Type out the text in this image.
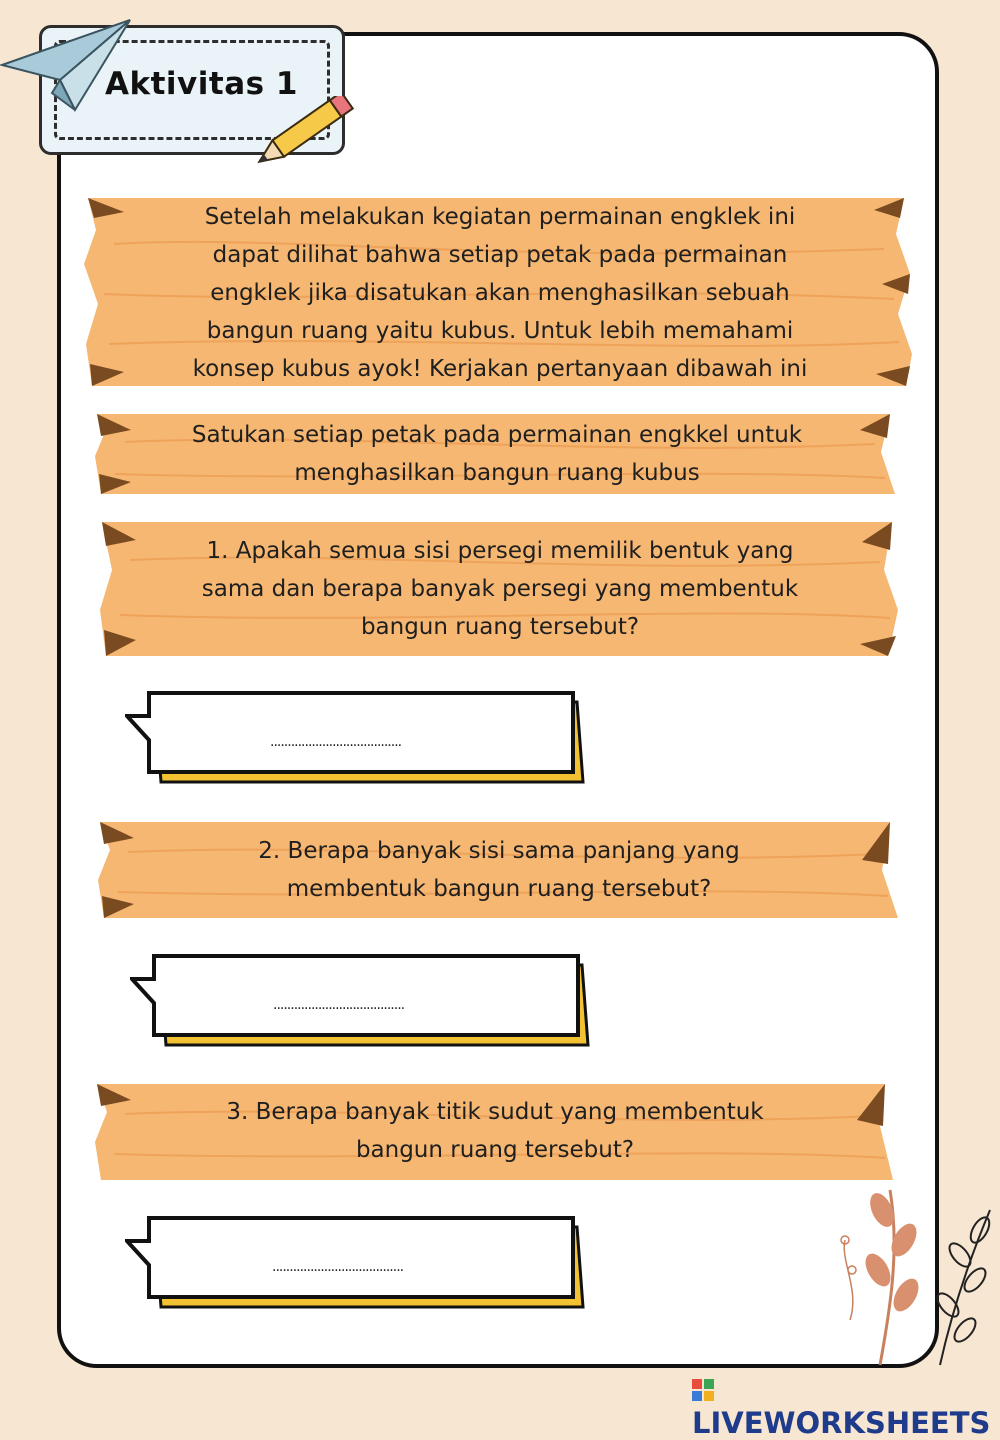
Aktivitas 1
Setelah melakukan kegiatan permainan engklek ini
dapat dilihat bahwa setiap petak pada permainan
engklek jika disatukan akan menghasilkan sebuah
bangun ruang yaitu kubus. Untuk lebih memahami
konsep kubus ayok! Kerjakan pertanyaan dibawah ini
Satukan setiap petak pada permainan engkkel untuk
menghasilkan bangun ruang kubus
1. Apakah semua sisi persegi memilik bentuk yang
sama dan berapa banyak persegi yang membentuk
bangun ruang tersebut?
......................................
2. Berapa banyak sisi sama panjang yang
membentuk bangun ruang tersebut?
......................................
3. Berapa banyak titik sudut yang membentuk
bangun ruang tersebut?
......................................
LIVEWORKSHEETS
